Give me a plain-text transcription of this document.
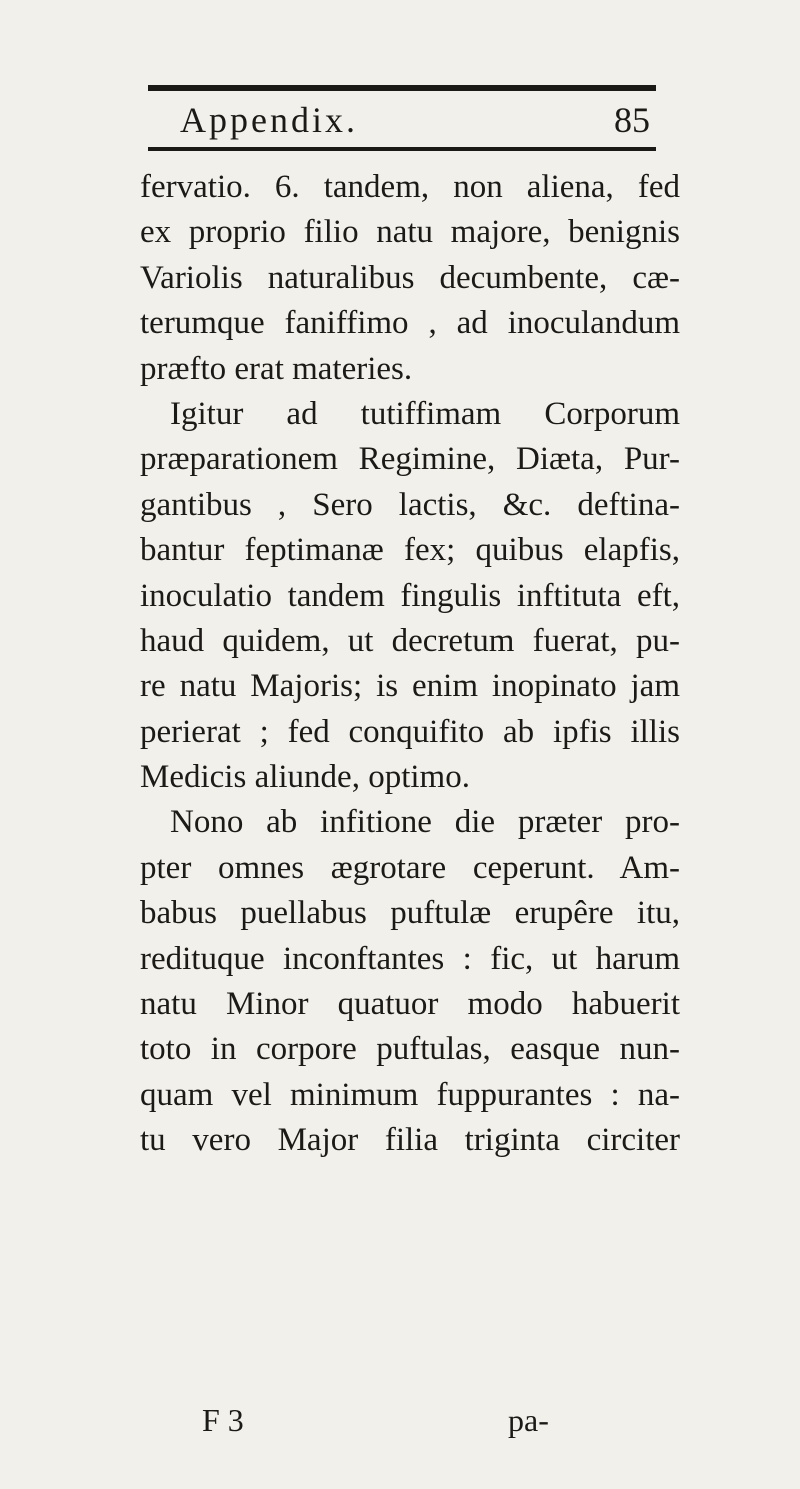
Appendix.	85
fervatio. 6. tandem, non aliena, fed
ex proprio filio natu majore, benignis
Variolis naturalibus decumbente, cæ-
terumque faniffimo , ad inoculandum
præfto erat materies.
Igitur ad tutiffimam Corporum
præparationem Regimine, Diæta, Pur-
gantibus , Sero lactis, &c. deftina-
bantur feptimanæ fex; quibus elapfis,
inoculatio tandem fingulis inftituta eft,
haud quidem, ut decretum fuerat, pu-
re natu Majoris; is enim inopinato jam
perierat ; fed conquifito ab ipfis illis
Medicis aliunde, optimo.
Nono ab infitione die præter pro-
pter omnes ægrotare ceperunt. Am-
babus puellabus puftulæ erupêre itu,
redituque inconftantes : fic, ut harum
natu Minor quatuor modo habuerit
toto in corpore puftulas, easque nun-
quam vel minimum fuppurantes : na-
tu vero Major filia triginta circiter
F 3	pa-
